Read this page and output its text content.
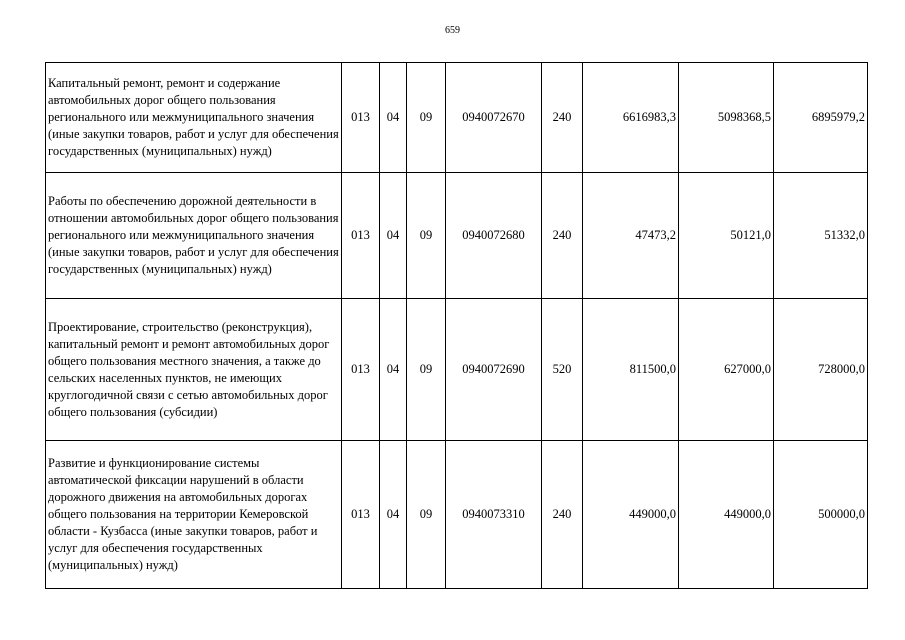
659
Капитальный ремонт, ремонт и содержание автомобильных дорог общего пользования регионального или межмуниципального значения (иные закупки товаров, работ и услуг для обеспечения государственных (муниципальных) нужд)	013	04	09	0940072670	240	6616983,3	5098368,5	6895979,2
Работы по обеспечению дорожной деятельности в отношении автомобильных дорог общего пользования регионального или межмуниципального значения (иные закупки товаров, работ и услуг для обеспечения государственных (муниципальных) нужд)	013	04	09	0940072680	240	47473,2	50121,0	51332,0
Проектирование, строительство (реконструкция), капитальный ремонт и ремонт автомобильных дорог общего пользования местного значения, а также до сельских населенных пунктов, не имеющих круглогодичной связи с сетью автомобильных дорог общего пользования (субсидии)	013	04	09	0940072690	520	811500,0	627000,0	728000,0
Развитие и функционирование системы автоматической фиксации нарушений в области дорожного движения на автомобильных дорогах общего пользования на территории Кемеровской области - Кузбасса (иные закупки товаров, работ и услуг для обеспечения государственных (муниципальных) нужд)	013	04	09	0940073310	240	449000,0	449000,0	500000,0
